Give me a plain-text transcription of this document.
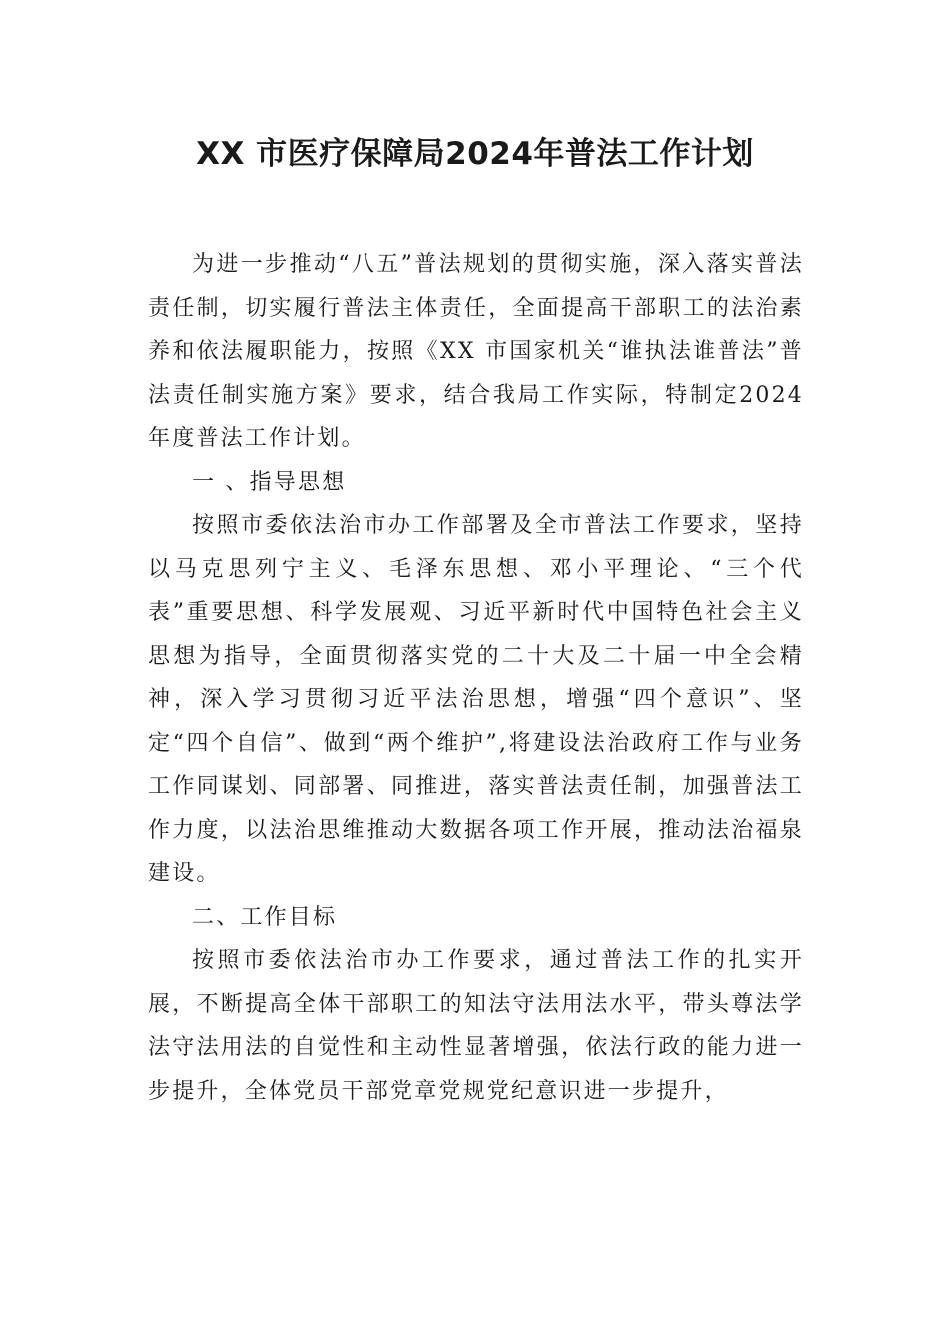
XX 市医疗保障局2024年普法工作计划

为进一步推动“八五”普法规划的贯彻实施，深入落实普法责任制，切实履行普法主体责任，全面提高干部职工的法治素养和依法履职能力，按照《XX 市国家机关“谁执法谁普法”普法责任制实施方案》要求，结合我局工作实际，特制定2024年度普法工作计划。

一 、指导思想

按照市委依法治市办工作部署及全市普法工作要求，坚持以马克思列宁主义、毛泽东思想、邓小平理论、“三个代表”重要思想、科学发展观、习近平新时代中国特色社会主义思想为指导，全面贯彻落实党的二十大及二十届一中全会精神，深入学习贯彻习近平法治思想，增强“四个意识”、坚定“四个自信”、做到“两个维护”,将建设法治政府工作与业务工作同谋划、同部署、同推进，落实普法责任制，加强普法工作力度，以法治思维推动大数据各项工作开展，推动法治福泉建设。

二、工作目标

按照市委依法治市办工作要求，通过普法工作的扎实开展，不断提高全体干部职工的知法守法用法水平，带头尊法学法守法用法的自觉性和主动性显著增强，依法行政的能力进一步提升，全体党员干部党章党规党纪意识进一步提升，
